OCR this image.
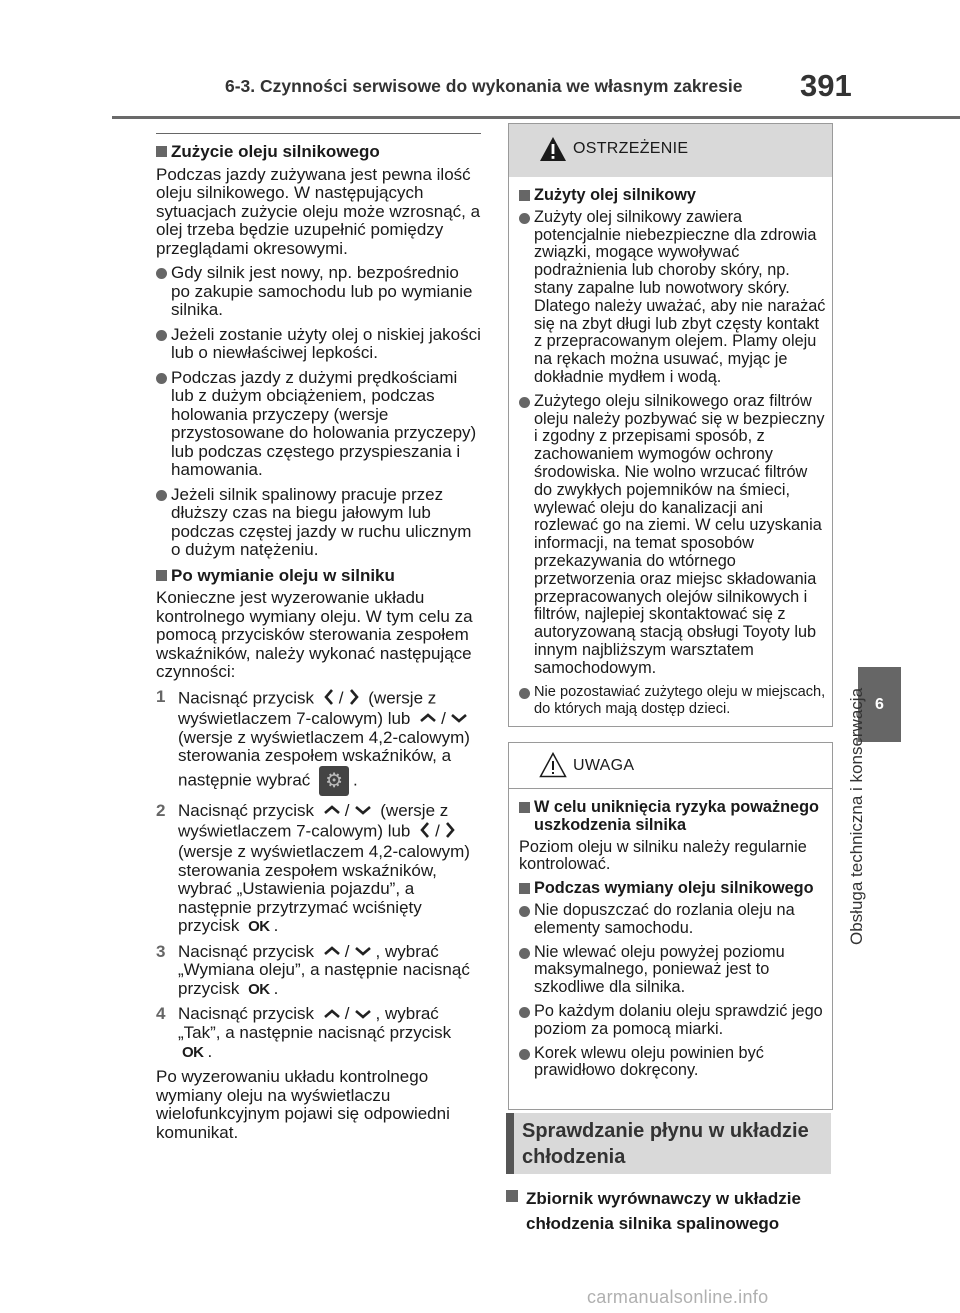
6-3. Czynności serwisowe do wykonania we własnym zakresie 391
6
Obsługa techniczna i konserwacja
Zużycie oleju silnikowego
Podczas jazdy zużywana jest pewna ilość oleju silnikowego. W następujących sytuacjach zużycie oleju może wzrosnąć, a olej trzeba będzie uzupełnić pomiędzy przeglądami okresowymi.
Gdy silnik jest nowy, np. bezpośrednio po zakupie samochodu lub po wymianie silnika.
Jeżeli zostanie użyty olej o niskiej jakości lub o niewłaściwej lepkości.
Podczas jazdy z dużymi prędkościami lub z dużym obciążeniem, podczas holowania przyczepy (wersje przystosowane do holowania przyczepy) lub podczas częstego przyspieszania i hamowania.
Jeżeli silnik spalinowy pracuje przez dłuższy czas na biegu jałowym lub podczas częstej jazdy w ruchu ulicznym o dużym natężeniu.
Po wymianie oleju w silniku
Konieczne jest wyzerowanie układu kontrolnego wymiany oleju. W tym celu za pomocą przycisków sterowania zespołem wskaźników, należy wykonać następujące czynności:
1 Nacisnąć przycisk / (wersje z wyświetlaczem 7-calowym) lub / (wersje z wyświetlaczem 4,2-calowym) sterowania zespołem wskaźników, a następnie wybrać ⚙ .
2 Nacisnąć przycisk / (wersje z wyświetlaczem 7-calowym) lub / (wersje z wyświetlaczem 4,2-calowym) sterowania zespołem wskaźników, wybrać „Ustawienia pojazdu”, a następnie przytrzymać wciśnięty przycisk OK .
3 Nacisnąć przycisk / , wybrać „Wymiana oleju”, a następnie nacisnąć przycisk OK .
4 Nacisnąć przycisk / , wybrać „Tak”, a następnie nacisnąć przycisk OK .
Po wyzerowaniu układu kontrolnego wymiany oleju na wyświetlaczu wielofunkcyjnym pojawi się odpowiedni komunikat.
OSTRZEŻENIE
Zużyty olej silnikowy
Zużyty olej silnikowy zawiera potencjalnie niebezpieczne dla zdrowia związki, mogące wywoływać podrażnienia lub choroby skóry, np. stany zapalne lub nowotwory skóry. Dlatego należy uważać, aby nie narażać się na zbyt długi lub zbyt częsty kontakt z przepracowanym olejem. Plamy oleju na rękach można usuwać, myjąc je dokładnie mydłem i wodą.
Zużytego oleju silnikowego oraz filtrów oleju należy pozbywać się w bezpieczny i zgodny z przepisami sposób, z zachowaniem wymogów ochrony środowiska. Nie wolno wrzucać filtrów do zwykłych pojemników na śmieci, wylewać oleju do kanalizacji ani rozlewać go na ziemi. W celu uzyskania informacji, na temat sposobów przekazywania do wtórnego przetworzenia oraz miejsc składowania przepracowanych olejów silnikowych i filtrów, najlepiej skontaktować się z autoryzowaną stacją obsługi Toyoty lub innym najbliższym warsztatem samochodowym.
Nie pozostawiać zużytego oleju w miejscach, do których mają dostęp dzieci.
UWAGA
W celu uniknięcia ryzyka poważnego uszkodzenia silnika
Poziom oleju w silniku należy regularnie kontrolować.
Podczas wymiany oleju silnikowego
Nie dopuszczać do rozlania oleju na elementy samochodu.
Nie wlewać oleju powyżej poziomu maksymalnego, ponieważ jest to szkodliwe dla silnika.
Po każdym dolaniu oleju sprawdzić jego poziom za pomocą miarki.
Korek wlewu oleju powinien być prawidłowo dokręcony.
Sprawdzanie płynu w układzie chłodzenia
Zbiornik wyrównawczy w układzie chłodzenia silnika spalinowego
carmanualsonline.info
